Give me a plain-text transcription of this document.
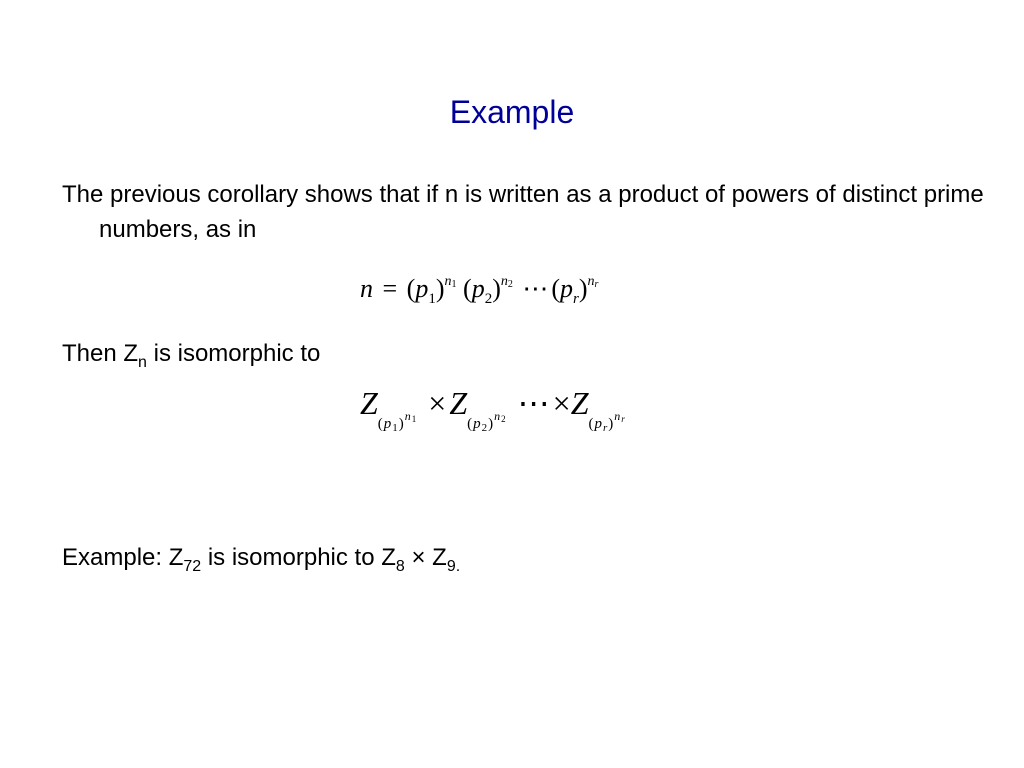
Example
The previous corollary shows that if n is written as a product of powers of distinct prime numbers, as in
$n = (p_1)^{n1}$ $(p_2)^{n2}$ ⋯ $(p_r)^{nr}$
Then $Z_n$ is isomorphic to
$Z_{(p_1)^{n1}} \times Z_{(p_2)^{n2}}$ $\cdots\times Z_{(p_r)^{nr}}$
Example: $Z_{72}$ is isomorphic to $Z_8 \times Z_{9.}$
